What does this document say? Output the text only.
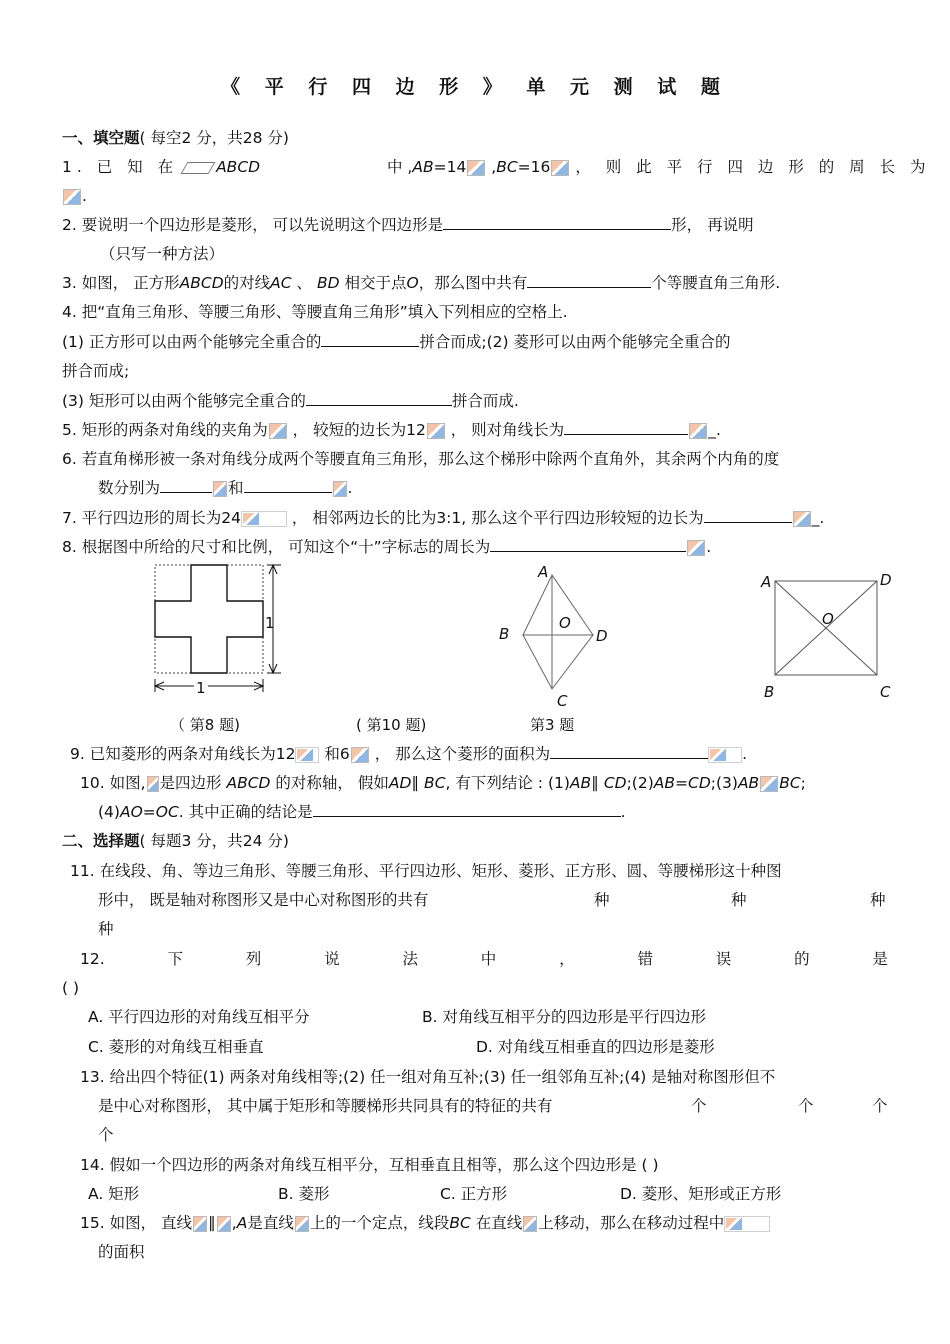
《 平 行 四 边 形 》 单 元 测 试 题
一、填空题( 每空2 分，共28 分)
1. 已 知 在 ABCD	中 ,AB=14 ,BC=16 ， 则 此 平 行 四 边 形 的 周 长 为
.
2. 要说明一个四边形是菱形， 可以先说明这个四边形是	形， 再说明
（只写一种方法）
3. 如图， 正方形ABCD的对线AC 、 BD 相交于点O，那么图中共有	个等腰直角三角形.
4. 把“直角三角形、等腰三角形、等腰直角三角形”填入下列相应的空格上.
(1) 正方形可以由两个能够完全重合的	拼合而成;(2) 菱形可以由两个能够完全重合的
拼合而成;
(3) 矩形可以由两个能够完全重合的	拼合而成.
5. 矩形的两条对角线的夹角为 ， 较短的边长为12 ， 则对角线长为	_.
6. 若直角梯形被一条对角线分成两个等腰直角三角形，那么这个梯形中除两个直角外，其余两个内角的度
数分别为	和	.
7. 平行四边形的周长为24	， 相邻两边长的比为3:1, 那么这个平行四边形较短的边长为	_.
8. 根据图中所给的尺寸和比例， 可知这个“十”字标志的周长为	.
1
1
A
B
O
D
C
A	D
O
B	C
（ 第8 题)	( 第10 题)	第3 题
9. 已知菱形的两条对角线长为12 和6 ， 那么这个菱形的面积为	.
10. 如图, 是四边形 ABCD 的对称轴， 假如AD∥ BC, 有下列结论 : (1)AB∥ CD;(2)AB=CD;(3)AB BC;
(4)AO=OC. 其中正确的结论是	.
二、选择题( 每题3 分，共24 分)
11. 在线段、角、等边三角形、等腰三角形、平行四边形、矩形、菱形、正方形、圆、等腰梯形这十种图
形中， 既是轴对称图形又是中心对称图形的共有	种	种	种
种
12.	下	列	说	法	中	，	错	误	的	是
( )
A. 平行四边形的对角线互相平分	B. 对角线互相平分的四边形是平行四边形
C. 菱形的对角线互相垂直	D. 对角线互相垂直的四边形是菱形
13. 给出四个特征(1) 两条对角线相等;(2) 任一组对角互补;(3) 任一组邻角互补;(4) 是轴对称图形但不
是中心对称图形， 其中属于矩形和等腰梯形共同具有的特征的共有	个	个	个
个
14. 假如一个四边形的两条对角线互相平分，互相垂直且相等，那么这个四边形是 ( )
A. 矩形	B. 菱形	C. 正方形	D. 菱形、矩形或正方形
15. 如图， 直线 ∥ ,A是直线 上的一个定点，线段BC 在直线 上移动，那么在移动过程中
的面积
